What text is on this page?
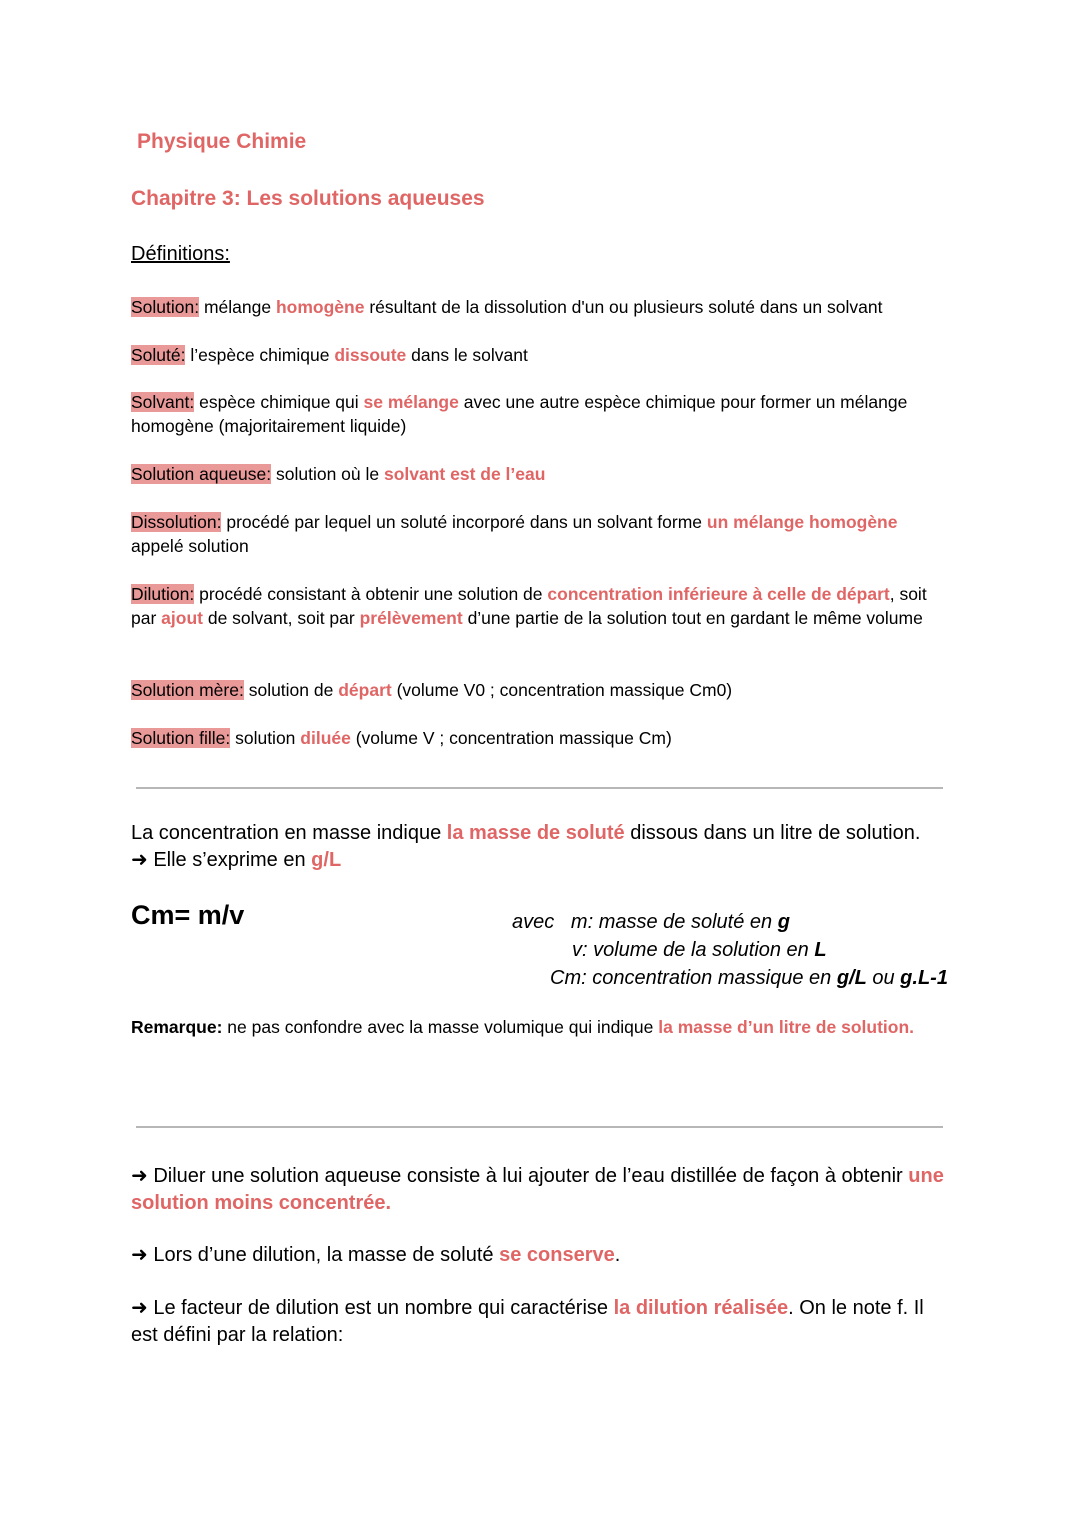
Physique Chimie
Chapitre 3: Les solutions aqueuses
Définitions:
Solution: mélange homogène résultant de la dissolution d'un ou plusieurs soluté dans un solvant
Soluté: l’espèce chimique dissoute dans le solvant
Solvant: espèce chimique qui se mélange avec une autre espèce chimique pour former un mélange homogène (majoritairement liquide)
Solution aqueuse: solution où le solvant est de l’eau
Dissolution: procédé par lequel un soluté incorporé dans un solvant forme un mélange homogène appelé solution
Dilution: procédé consistant à obtenir une solution de concentration inférieure à celle de départ, soit par ajout de solvant, soit par prélèvement d’une partie de la solution tout en gardant le même volume
Solution mère: solution de départ (volume V0 ; concentration massique Cm0)
Solution fille: solution diluée (volume V ; concentration massique Cm)
La concentration en masse indique la masse de soluté dissous dans un litre de solution.
➜ Elle s’exprime en g/L
Cm= m/v	avec   m: masse de soluté en g
v: volume de la solution en L
Cm: concentration massique en g/L ou g.L-1
Remarque: ne pas confondre avec la masse volumique qui indique la masse d’un litre de solution.
➜ Diluer une solution aqueuse consiste à lui ajouter de l’eau distillée de façon à obtenir une solution moins concentrée.
➜ Lors d’une dilution, la masse de soluté se conserve.
➜ Le facteur de dilution est un nombre qui caractérise la dilution réalisée. On le note f. Il est défini par la relation:
